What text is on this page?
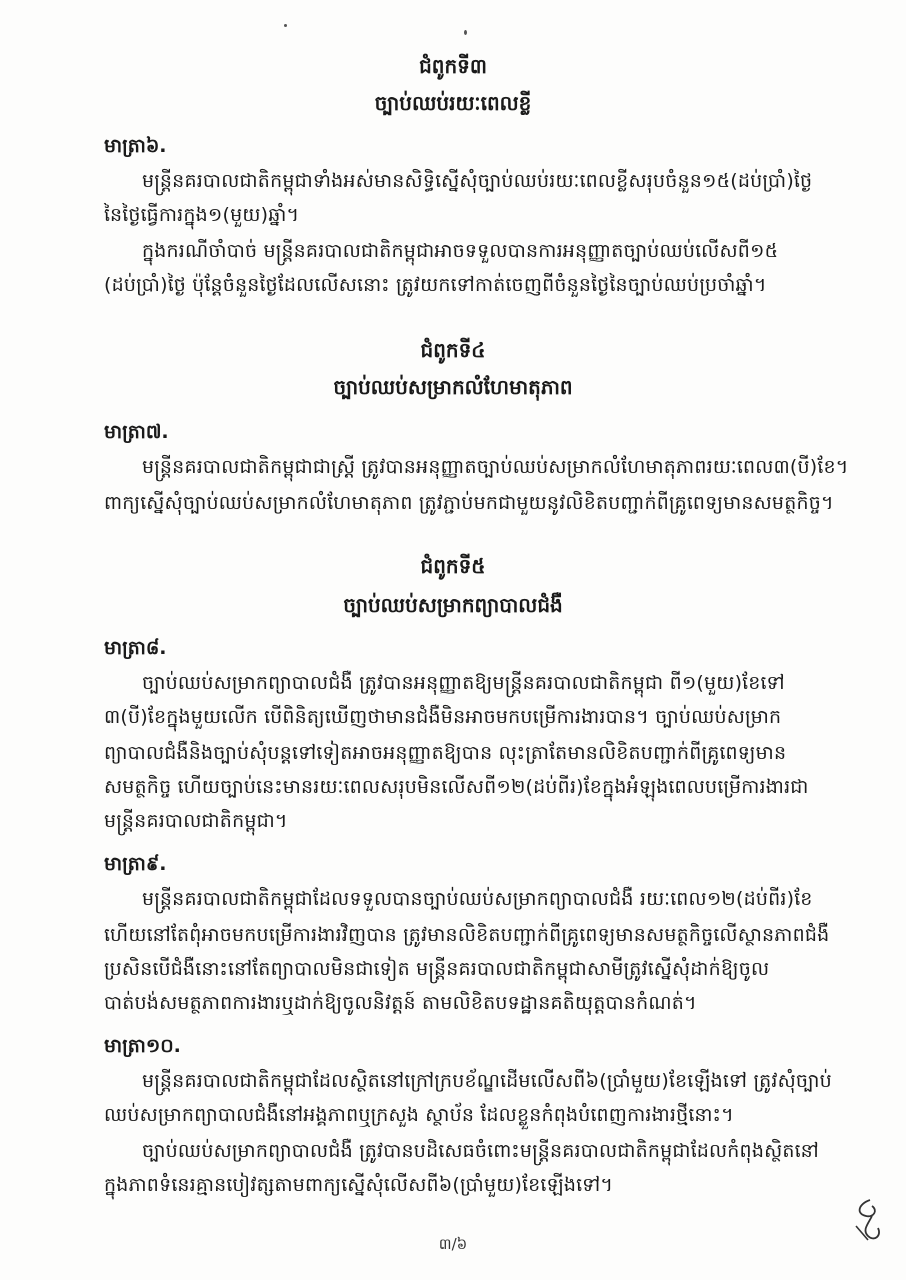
ជំពូកទី៣
ច្បាប់ឈប់រយៈពេលខ្លី
មាត្រា៦.
មន្ត្រីនគរបាលជាតិកម្ពុជាទាំងអស់មានសិទ្ធិស្នើសុំច្បាប់ឈប់រយៈពេលខ្លីសរុបចំនួន១៥(ដប់ប្រាំ)ថ្ងៃ
នៃថ្ងៃធ្វើការក្នុង១(មួយ)ឆ្នាំ។
ក្នុងករណីចាំបាច់ មន្ត្រីនគរបាលជាតិកម្ពុជាអាចទទួលបានការអនុញ្ញាតច្បាប់ឈប់លើសពី១៥
(ដប់ប្រាំ)ថ្ងៃ ប៉ុន្តែចំនួនថ្ងៃដែលលើសនោះ ត្រូវយកទៅកាត់ចេញពីចំនួនថ្ងៃនៃច្បាប់ឈប់ប្រចាំឆ្នាំ។
ជំពូកទី៤
ច្បាប់ឈប់សម្រាកលំហែមាតុភាព
មាត្រា៧.
មន្ត្រីនគរបាលជាតិកម្ពុជាជាស្ត្រី ត្រូវបានអនុញ្ញាតច្បាប់ឈប់សម្រាកលំហែមាតុភាពរយៈពេល៣(បី)ខែ។
ពាក្យស្នើសុំច្បាប់ឈប់សម្រាកលំហែមាតុភាព ត្រូវភ្ជាប់មកជាមួយនូវលិខិតបញ្ជាក់ពីគ្រូពេទ្យមានសមត្ថកិច្ច។
ជំពូកទី៥
ច្បាប់ឈប់សម្រាកព្យាបាលជំងឺ
មាត្រា៨.
ច្បាប់ឈប់សម្រាកព្យាបាលជំងឺ ត្រូវបានអនុញ្ញាតឱ្យមន្ត្រីនគរបាលជាតិកម្ពុជា ពី១(មួយ)ខែទៅ
៣(បី)ខែក្នុងមួយលើក បើពិនិត្យឃើញថាមានជំងឺមិនអាចមកបម្រើការងារបាន។ ច្បាប់ឈប់សម្រាក
ព្យាបាលជំងឺនិងច្បាប់សុំបន្តទៅទៀតអាចអនុញ្ញាតឱ្យបាន លុះត្រាតែមានលិខិតបញ្ជាក់ពីគ្រូពេទ្យមាន
សមត្ថកិច្ច ហើយច្បាប់នេះមានរយៈពេលសរុបមិនលើសពី១២(ដប់ពីរ)ខែក្នុងអំឡុងពេលបម្រើការងារជា
មន្ត្រីនគរបាលជាតិកម្ពុជា។
មាត្រា៩.
មន្ត្រីនគរបាលជាតិកម្ពុជាដែលទទួលបានច្បាប់ឈប់សម្រាកព្យាបាលជំងឺ រយៈពេល១២(ដប់ពីរ)ខែ
ហើយនៅតែពុំអាចមកបម្រើការងារវិញបាន ត្រូវមានលិខិតបញ្ជាក់ពីគ្រូពេទ្យមានសមត្ថកិច្ចលើស្ថានភាពជំងឺ
ប្រសិនបើជំងឺនោះនៅតែព្យាបាលមិនជាទៀត មន្ត្រីនគរបាលជាតិកម្ពុជាសាមីត្រូវស្នើសុំដាក់ឱ្យចូល
បាត់បង់សមត្ថភាពការងារឬដាក់ឱ្យចូលនិវត្តន៍ តាមលិខិតបទដ្ឋានគតិយុត្តបានកំណត់។
មាត្រា១០.
មន្ត្រីនគរបាលជាតិកម្ពុជាដែលស្ថិតនៅក្រៅក្របខ័ណ្ឌដើមលើសពី៦(ប្រាំមួយ)ខែឡើងទៅ ត្រូវសុំច្បាប់
ឈប់សម្រាកព្យាបាលជំងឺនៅអង្គភាពឬក្រសួង ស្ថាប័ន ដែលខ្លួនកំពុងបំពេញការងារថ្មីនោះ។
ច្បាប់ឈប់សម្រាកព្យាបាលជំងឺ ត្រូវបានបដិសេធចំពោះមន្ត្រីនគរបាលជាតិកម្ពុជាដែលកំពុងស្ថិតនៅ
ក្នុងភាពទំនេរគ្មានបៀវត្សតាមពាក្យស្នើសុំលើសពី៦(ប្រាំមួយ)ខែឡើងទៅ។
៣/៦
